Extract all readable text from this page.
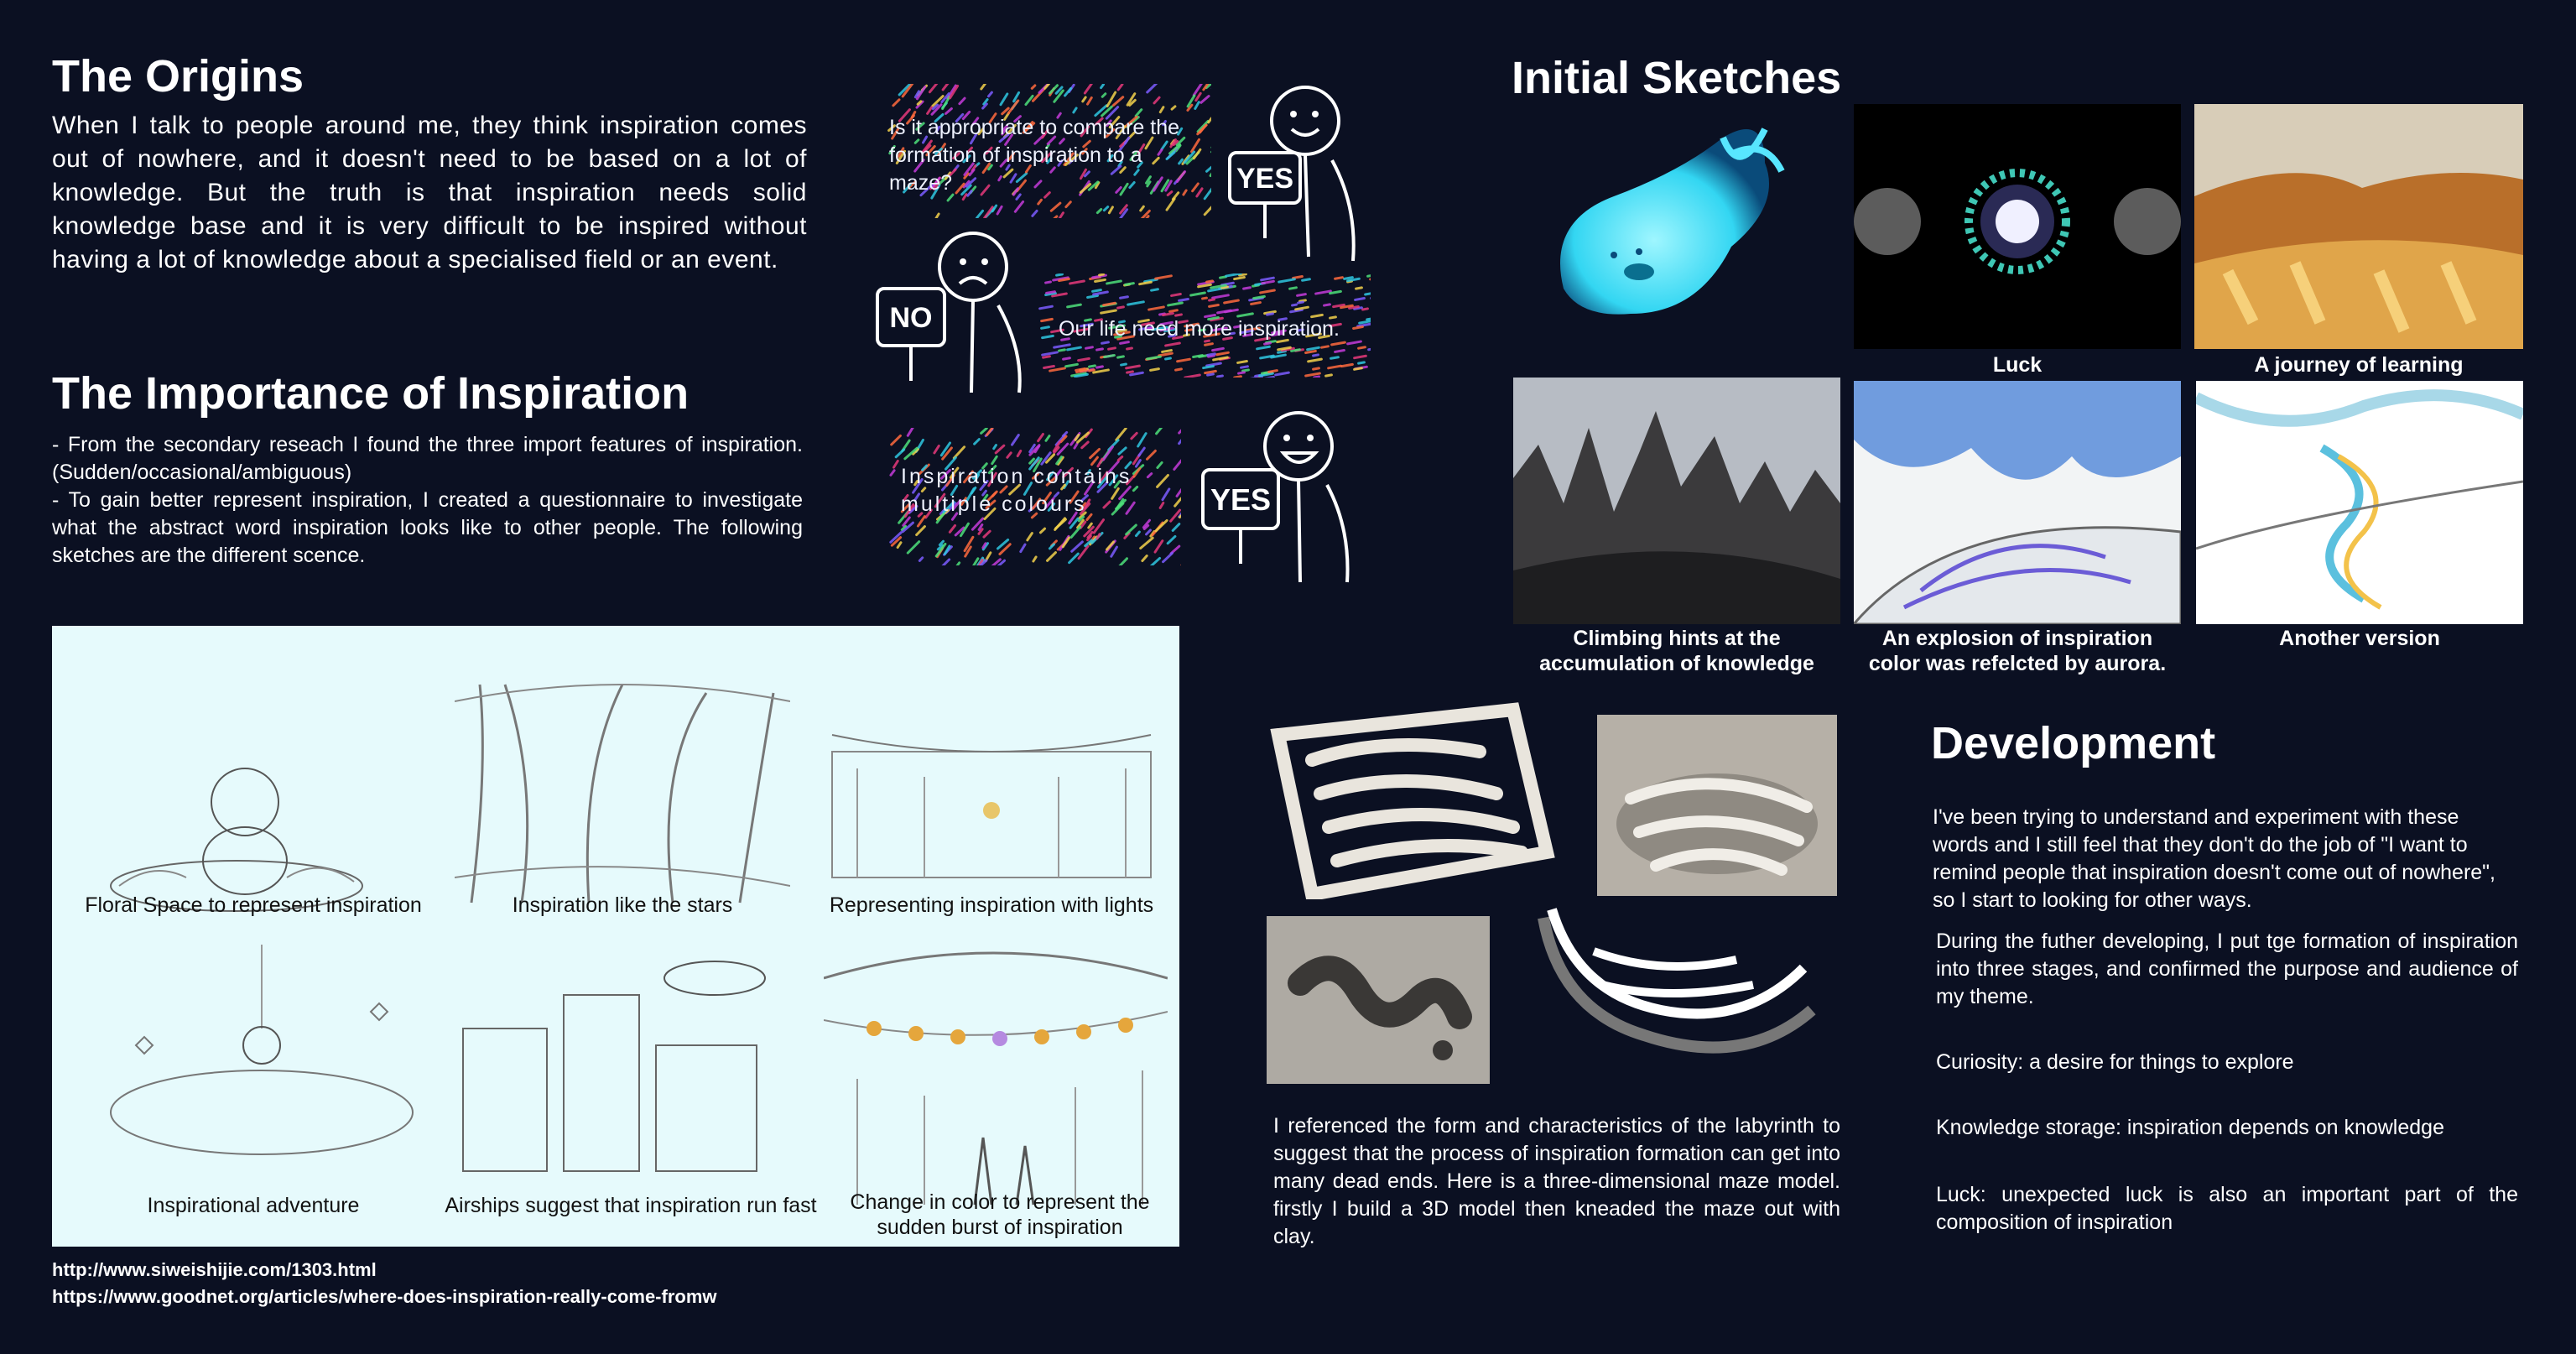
The Origins
When I talk to people around me, they think inspiration comes out of nowhere, and it doesn't need to be based on a lot of knowledge. But the truth is that inspiration needs solid knowledge base and it is very difficult to be inspired without having a lot of knowledge about a specialised field or an event.
The Importance of Inspiration
- From the secondary reseach I found the three import features of inspiration. (Sudden/occasional/ambiguous)
- To gain better represent inspiration, I created a questionnaire to investigate what the abstract word inspiration looks like to other people. The following sketches are the different scence.
Is it appropriate to compare the formation of inspiration to a maze?	YES
NO	Our life need more inspiration.
Inspiration contains multiple colours	YES
Initial Sketches
Luck	A journey of learning
Climbing hints at the accumulation of knowledge
An explosion of inspiration color was refelcted by aurora.
Another version
Floral Space to represent inspiration	Inspiration like the stars	Representing inspiration with lights
Inspirational adventure	Airships suggest that inspiration run fast	Change in color to represent the sudden burst of inspiration
http://www.siweishijie.com/1303.html
https://www.goodnet.org/articles/where-does-inspiration-really-come-fromw
I referenced the form and characteristics of the labyrinth to suggest that the process of inspiration formation can get into many dead ends. Here is a three-dimensional maze model. firstly I build a 3D model then kneaded the maze out with clay.
Development
I've been trying to understand and experiment with these words and I still feel that they don't do the job of "I want to remind people that inspiration doesn't come out of nowhere", so I start to looking for other ways.
During the futher developing, I put tge formation of inspiration into three stages, and confirmed the purpose and audience of my theme.
Curiosity: a desire for things to explore
Knowledge storage: inspiration depends on knowledge
Luck: unexpected luck is also an important part of the composition of inspiration
